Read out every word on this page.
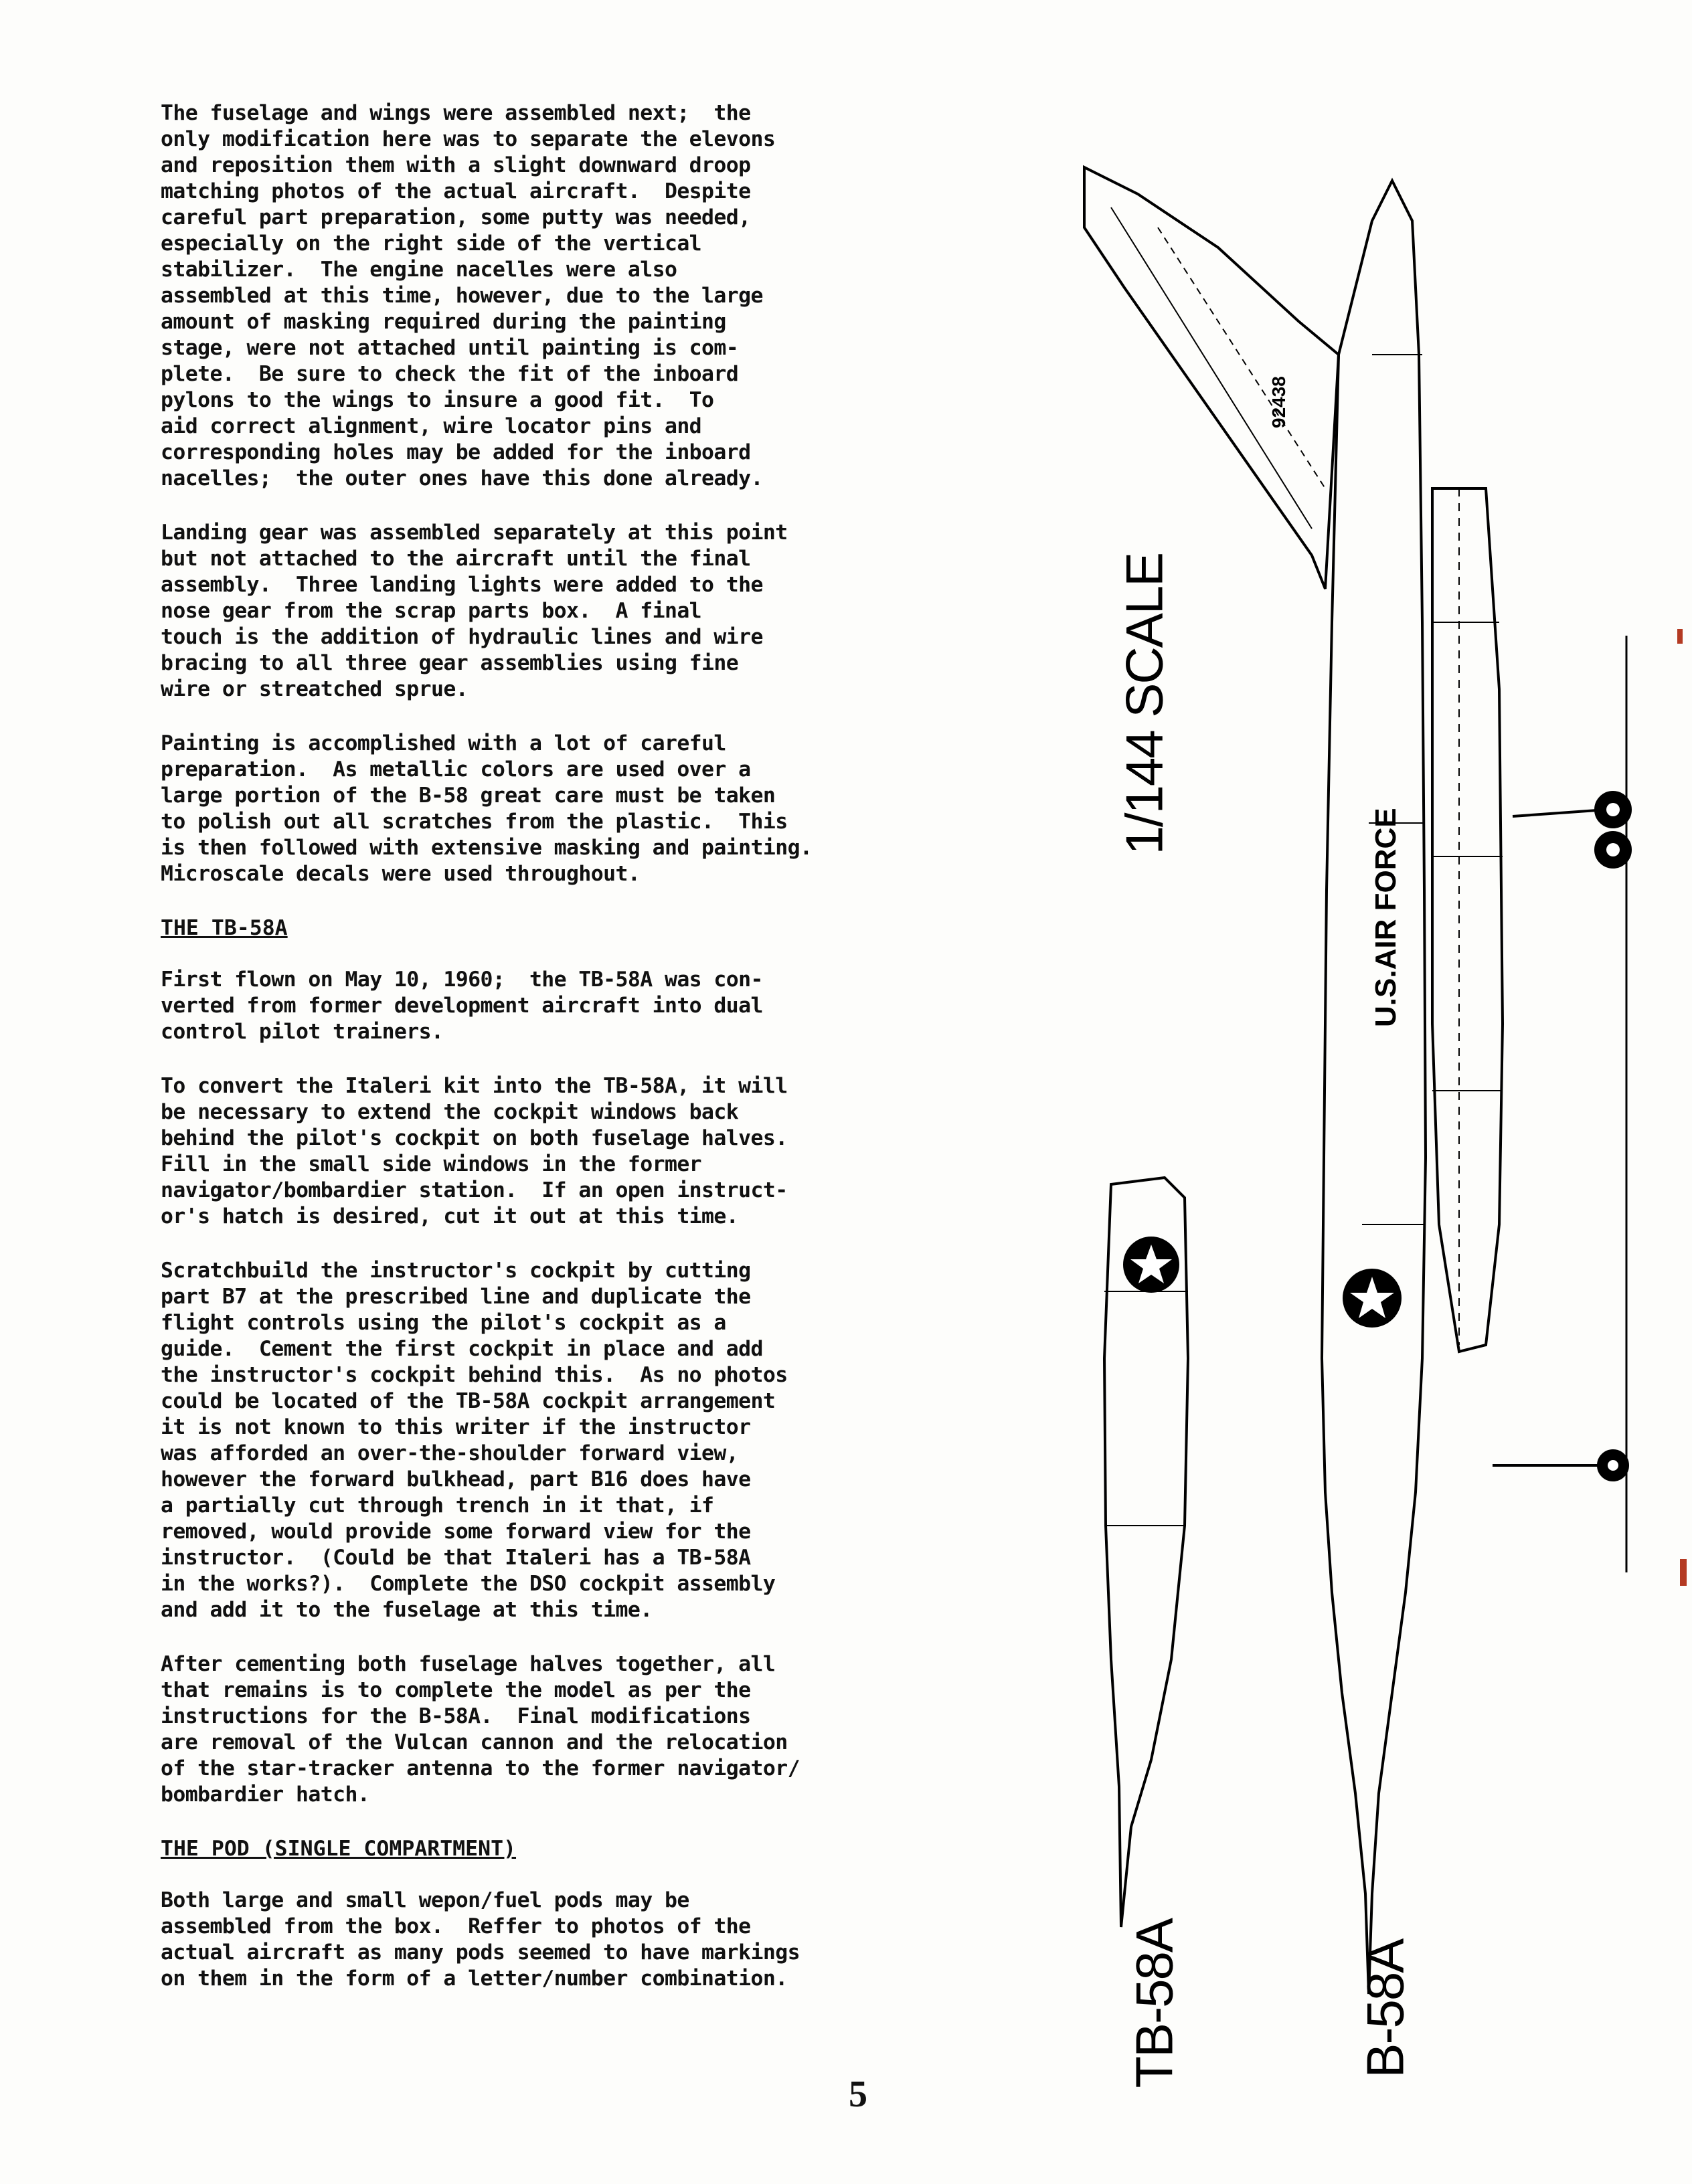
The fuselage and wings were assembled next;  the
only modification here was to separate the elevons
and reposition them with a slight downward droop
matching photos of the actual aircraft.  Despite
careful part preparation, some putty was needed,
especially on the right side of the vertical
stabilizer.  The engine nacelles were also
assembled at this time, however, due to the large
amount of masking required during the painting
stage, were not attached until painting is com-
plete.  Be sure to check the fit of the inboard
pylons to the wings to insure a good fit.  To
aid correct alignment, wire locator pins and
corresponding holes may be added for the inboard
nacelles;  the outer ones have this done already.

Landing gear was assembled separately at this point
but not attached to the aircraft until the final
assembly.  Three landing lights were added to the
nose gear from the scrap parts box.  A final
touch is the addition of hydraulic lines and wire
bracing to all three gear assemblies using fine
wire or streatched sprue.

Painting is accomplished with a lot of careful
preparation.  As metallic colors are used over a
large portion of the B-58 great care must be taken
to polish out all scratches from the plastic.  This
is then followed with extensive masking and painting.
Microscale decals were used throughout.

THE TB-58A

First flown on May 10, 1960;  the TB-58A was con-
verted from former development aircraft into dual
control pilot trainers.

To convert the Italeri kit into the TB-58A, it will
be necessary to extend the cockpit windows back
behind the pilot's cockpit on both fuselage halves.
Fill in the small side windows in the former
navigator/bombardier station.  If an open instruct-
or's hatch is desired, cut it out at this time.

Scratchbuild the instructor's cockpit by cutting
part B7 at the prescribed line and duplicate the
flight controls using the pilot's cockpit as a
guide.  Cement the first cockpit in place and add
the instructor's cockpit behind this.  As no photos
could be located of the TB-58A cockpit arrangement
it is not known to this writer if the instructor
was afforded an over-the-shoulder forward view,
however the forward bulkhead, part B16 does have
a partially cut through trench in it that, if
removed, would provide some forward view for the
instructor.  (Could be that Italeri has a TB-58A
in the works?).  Complete the DSO cockpit assembly
and add it to the fuselage at this time.

After cementing both fuselage halves together, all
that remains is to complete the model as per the
instructions for the B-58A.  Final modifications
are removal of the Vulcan cannon and the relocation
of the star-tracker antenna to the former navigator/
bombardier hatch.

THE POD (SINGLE COMPARTMENT)

Both large and small wepon/fuel pods may be
assembled from the box.  Reffer to photos of the
actual aircraft as many pods seemed to have markings
on them in the form of a letter/number combination.

U.S.AIR FORCE
92438
1/144 SCALE
TB-58A	B-58A
5
